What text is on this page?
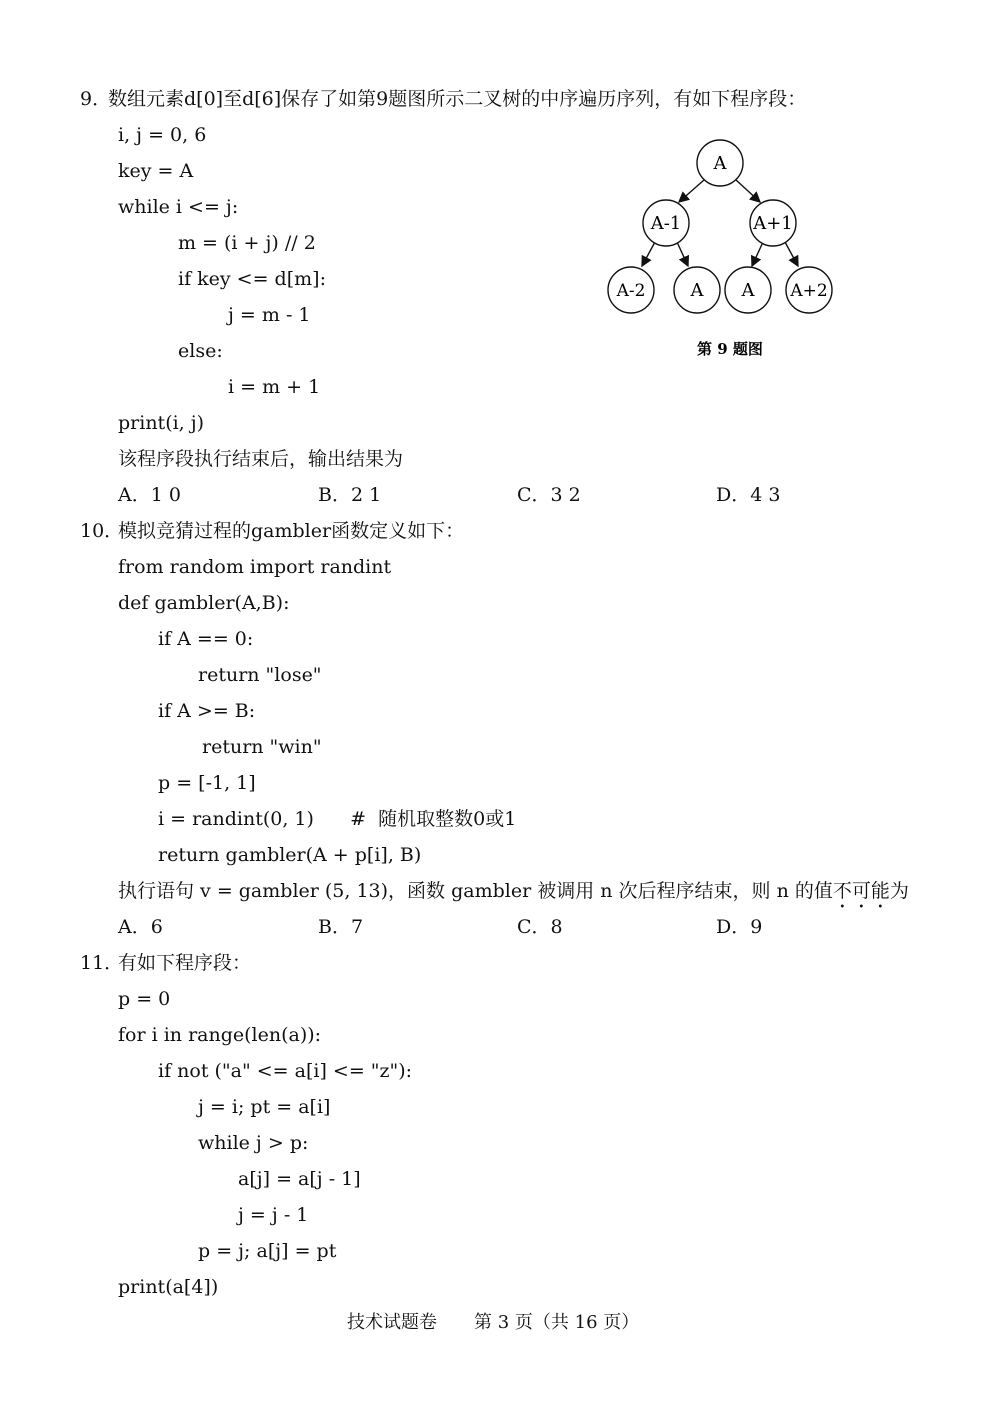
9．
数组元素d[0]至d[6]保存了如第9题图所示二叉树的中序遍历序列，有如下程序段：
i, j = 0, 6
key = A
while i <= j:
m = (i + j) // 2
if key <= d[m]:
j = m - 1
else:
i = m + 1
print(i, j)
该程序段执行结束后，输出结果为
A．1 0	B．2 1	C．3 2	D．4 3
A
A-1	A+1
A-2	A A A+2
第 9 题图
10．
模拟竞猜过程的gambler函数定义如下：
from random import randint
def gambler(A,B):
if A == 0:
return "lose"
if A >= B:
return "win"
p = [-1, 1]
i = randint(0, 1)      #  随机取整数0或1
return gambler(A + p[i], B)
执行语句 v = gambler (5, 13)，函数 gambler 被调用 n 次后程序结束，则 n 的值不可能为
A．6	B．7	C．8	D．9
11．
有如下程序段：
p = 0
for i in range(len(a)):
if not ("a" <= a[i] <= "z"):
j = i; pt = a[i]
while j > p:
a[j] = a[j - 1]
j = j - 1
p = j; a[j] = pt
print(a[4])
技术试题卷 第 3 页（共 16 页）
